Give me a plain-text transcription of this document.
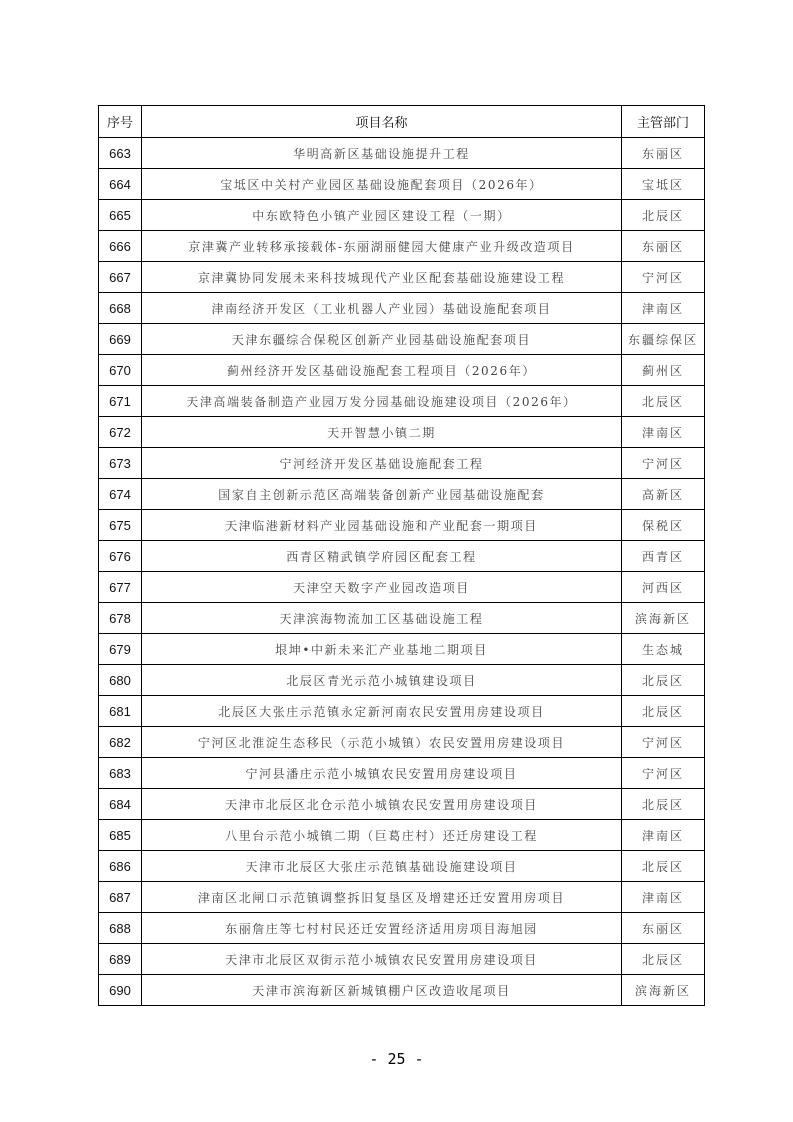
序号	项目名称	主管部门
663	华明高新区基础设施提升工程	东丽区
664	宝坻区中关村产业园区基础设施配套项目（2026年）	宝坻区
665	中东欧特色小镇产业园区建设工程（一期）	北辰区
666	京津冀产业转移承接载体-东丽湖丽健园大健康产业升级改造项目	东丽区
667	京津冀协同发展未来科技城现代产业区配套基础设施建设工程	宁河区
668	津南经济开发区（工业机器人产业园）基础设施配套项目	津南区
669	天津东疆综合保税区创新产业园基础设施配套项目	东疆综保区
670	蓟州经济开发区基础设施配套工程项目（2026年）	蓟州区
671	天津高端装备制造产业园万发分园基础设施建设项目（2026年）	北辰区
672	天开智慧小镇二期	津南区
673	宁河经济开发区基础设施配套工程	宁河区
674	国家自主创新示范区高端装备创新产业园基础设施配套	高新区
675	天津临港新材料产业园基础设施和产业配套一期项目	保税区
676	西青区精武镇学府园区配套工程	西青区
677	天津空天数字产业园改造项目	河西区
678	天津滨海物流加工区基础设施工程	滨海新区
679	垠坤•中新未来汇产业基地二期项目	生态城
680	北辰区青光示范小城镇建设项目	北辰区
681	北辰区大张庄示范镇永定新河南农民安置用房建设项目	北辰区
682	宁河区北淮淀生态移民（示范小城镇）农民安置用房建设项目	宁河区
683	宁河县潘庄示范小城镇农民安置用房建设项目	宁河区
684	天津市北辰区北仓示范小城镇农民安置用房建设项目	北辰区
685	八里台示范小城镇二期（巨葛庄村）还迁房建设工程	津南区
686	天津市北辰区大张庄示范镇基础设施建设项目	北辰区
687	津南区北闸口示范镇调整拆旧复垦区及增建还迁安置用房项目	津南区
688	东丽詹庄等七村村民还迁安置经济适用房项目海旭园	东丽区
689	天津市北辰区双街示范小城镇农民安置用房建设项目	北辰区
690	天津市滨海新区新城镇棚户区改造收尾项目	滨海新区
- 25 -
